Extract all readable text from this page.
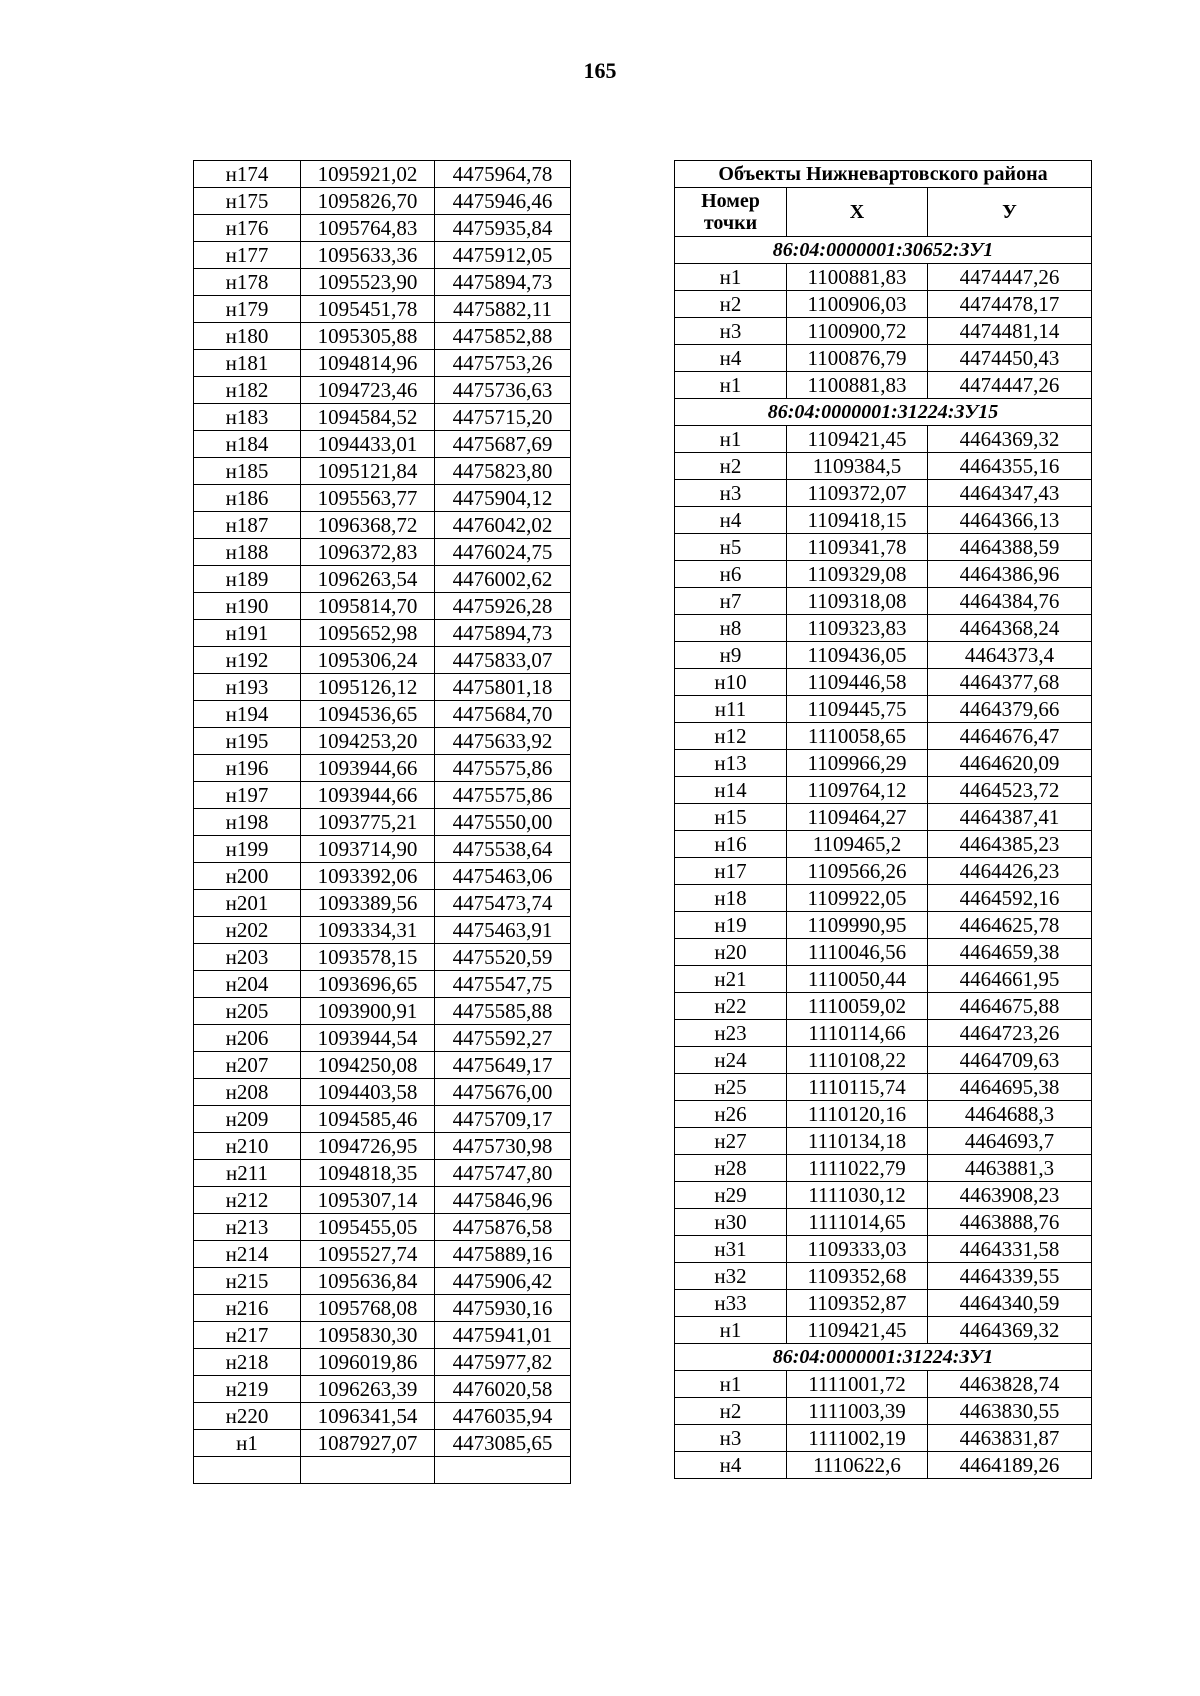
165
н174	1095921,02	4475964,78
н175	1095826,70	4475946,46
н176	1095764,83	4475935,84
н177	1095633,36	4475912,05
н178	1095523,90	4475894,73
н179	1095451,78	4475882,11
н180	1095305,88	4475852,88
н181	1094814,96	4475753,26
н182	1094723,46	4475736,63
н183	1094584,52	4475715,20
н184	1094433,01	4475687,69
н185	1095121,84	4475823,80
н186	1095563,77	4475904,12
н187	1096368,72	4476042,02
н188	1096372,83	4476024,75
н189	1096263,54	4476002,62
н190	1095814,70	4475926,28
н191	1095652,98	4475894,73
н192	1095306,24	4475833,07
н193	1095126,12	4475801,18
н194	1094536,65	4475684,70
н195	1094253,20	4475633,92
н196	1093944,66	4475575,86
н197	1093944,66	4475575,86
н198	1093775,21	4475550,00
н199	1093714,90	4475538,64
н200	1093392,06	4475463,06
н201	1093389,56	4475473,74
н202	1093334,31	4475463,91
н203	1093578,15	4475520,59
н204	1093696,65	4475547,75
н205	1093900,91	4475585,88
н206	1093944,54	4475592,27
н207	1094250,08	4475649,17
н208	1094403,58	4475676,00
н209	1094585,46	4475709,17
н210	1094726,95	4475730,98
н211	1094818,35	4475747,80
н212	1095307,14	4475846,96
н213	1095455,05	4475876,58
н214	1095527,74	4475889,16
н215	1095636,84	4475906,42
н216	1095768,08	4475930,16
н217	1095830,30	4475941,01
н218	1096019,86	4475977,82
н219	1096263,39	4476020,58
н220	1096341,54	4476035,94
н1	1087927,07	4473085,65

Объекты Нижневартовского района		
Номер точки	Х	У
86:04:0000001:30652:ЗУ1		
н1	1100881,83	4474447,26
н2	1100906,03	4474478,17
н3	1100900,72	4474481,14
н4	1100876,79	4474450,43
н1	1100881,83	4474447,26
86:04:0000001:31224:ЗУ15		
н1	1109421,45	4464369,32
н2	1109384,5	4464355,16
н3	1109372,07	4464347,43
н4	1109418,15	4464366,13
н5	1109341,78	4464388,59
н6	1109329,08	4464386,96
н7	1109318,08	4464384,76
н8	1109323,83	4464368,24
н9	1109436,05	4464373,4
н10	1109446,58	4464377,68
н11	1109445,75	4464379,66
н12	1110058,65	4464676,47
н13	1109966,29	4464620,09
н14	1109764,12	4464523,72
н15	1109464,27	4464387,41
н16	1109465,2	4464385,23
н17	1109566,26	4464426,23
н18	1109922,05	4464592,16
н19	1109990,95	4464625,78
н20	1110046,56	4464659,38
н21	1110050,44	4464661,95
н22	1110059,02	4464675,88
н23	1110114,66	4464723,26
н24	1110108,22	4464709,63
н25	1110115,74	4464695,38
н26	1110120,16	4464688,3
н27	1110134,18	4464693,7
н28	1111022,79	4463881,3
н29	1111030,12	4463908,23
н30	1111014,65	4463888,76
н31	1109333,03	4464331,58
н32	1109352,68	4464339,55
н33	1109352,87	4464340,59
н1	1109421,45	4464369,32
86:04:0000001:31224:ЗУ1		
н1	1111001,72	4463828,74
н2	1111003,39	4463830,55
н3	1111002,19	4463831,87
н4	1110622,6	4464189,26
